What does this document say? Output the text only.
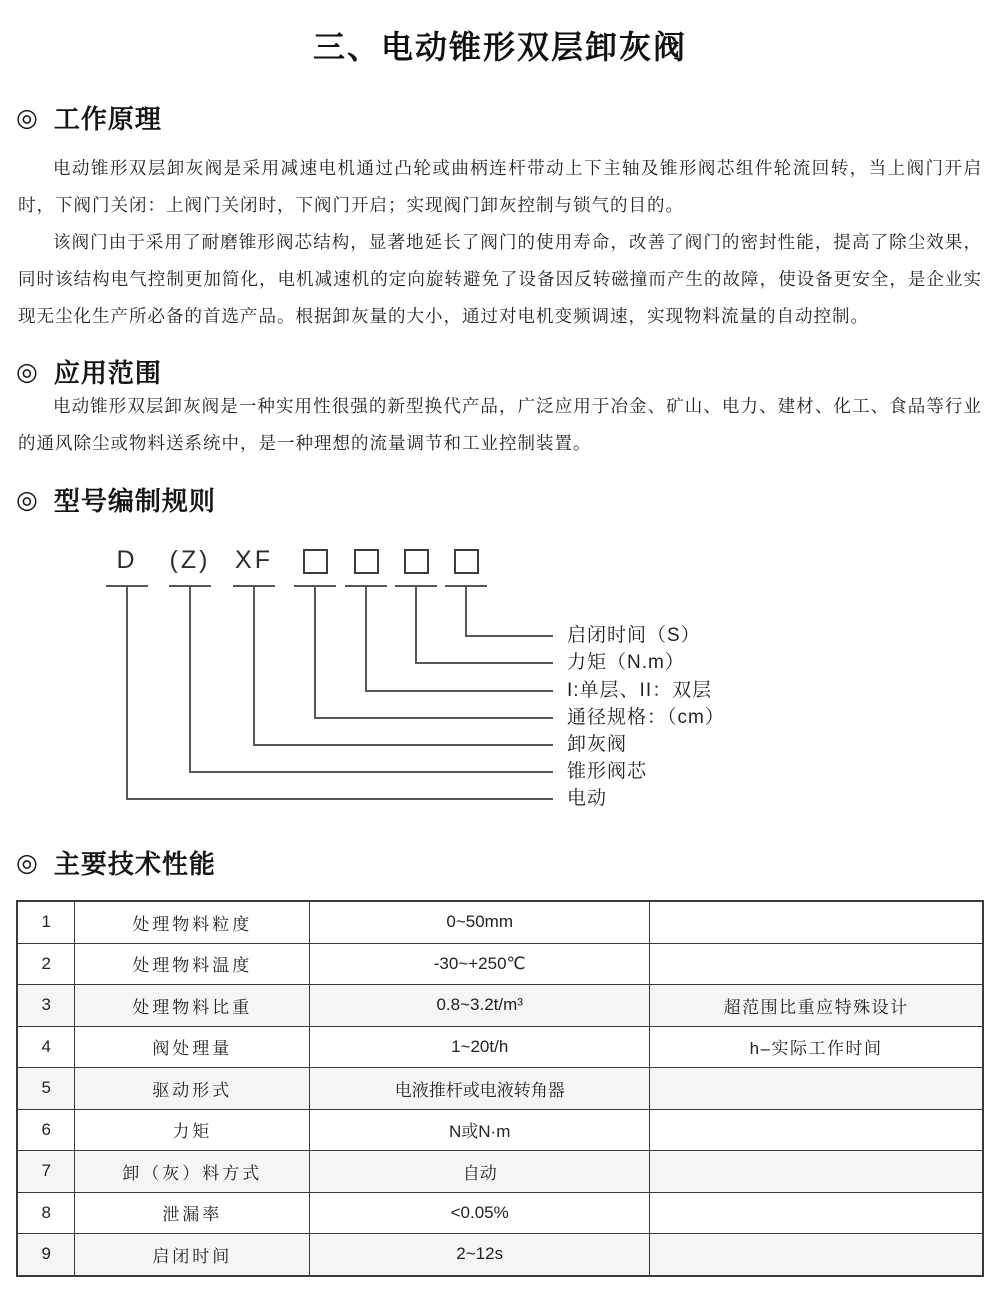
三、电动锥形双层卸灰阀
◎ 工作原理

电动锥形双层卸灰阀是采用减速电机通过凸轮或曲柄连杆带动上下主轴及锥形阀芯组件轮流回转，当上阀门开启时，下阀门关闭：上阀门关闭时，下阀门开启；实现阀门卸灰控制与锁气的目的。

该阀门由于采用了耐磨锥形阀芯结构，显著地延长了阀门的使用寿命，改善了阀门的密封性能，提高了除尘效果，同时该结构电气控制更加简化，电机减速机的定向旋转避免了设备因反转磁撞而产生的故障，使设备更安全，是企业实现无尘化生产所必备的首选产品。根据卸灰量的大小，通过对电机变频调速，实现物料流量的自动控制。

◎ 应用范围

电动锥形双层卸灰阀是一种实用性很强的新型换代产品，广泛应用于冶金、矿山、电力、建材、化工、食品等行业的通风除尘或物料送系统中，是一种理想的流量调节和工业控制装置。

◎ 型号编制规则
D
电动
(Z)
锥形阀芯
XF
卸灰阀
通径规格：（cm）
I:单层、II：双层
力矩（N.m）
启闭时间（S）
◎ 主要技术性能
1	处理物料粒度	0~50mm	
2	处理物料温度	-30~+250℃	
3	处理物料比重	0.8~3.2t/m³	超范围比重应特殊设计
4	阀处理量	1~20t/h	h–实际工作时间
5	驱动形式	电液推杆或电液转角器	
6	力矩	N或N·m	
7	卸（灰）料方式	自动	
8	泄漏率	<0.05%	
9	启闭时间	2~12s	
